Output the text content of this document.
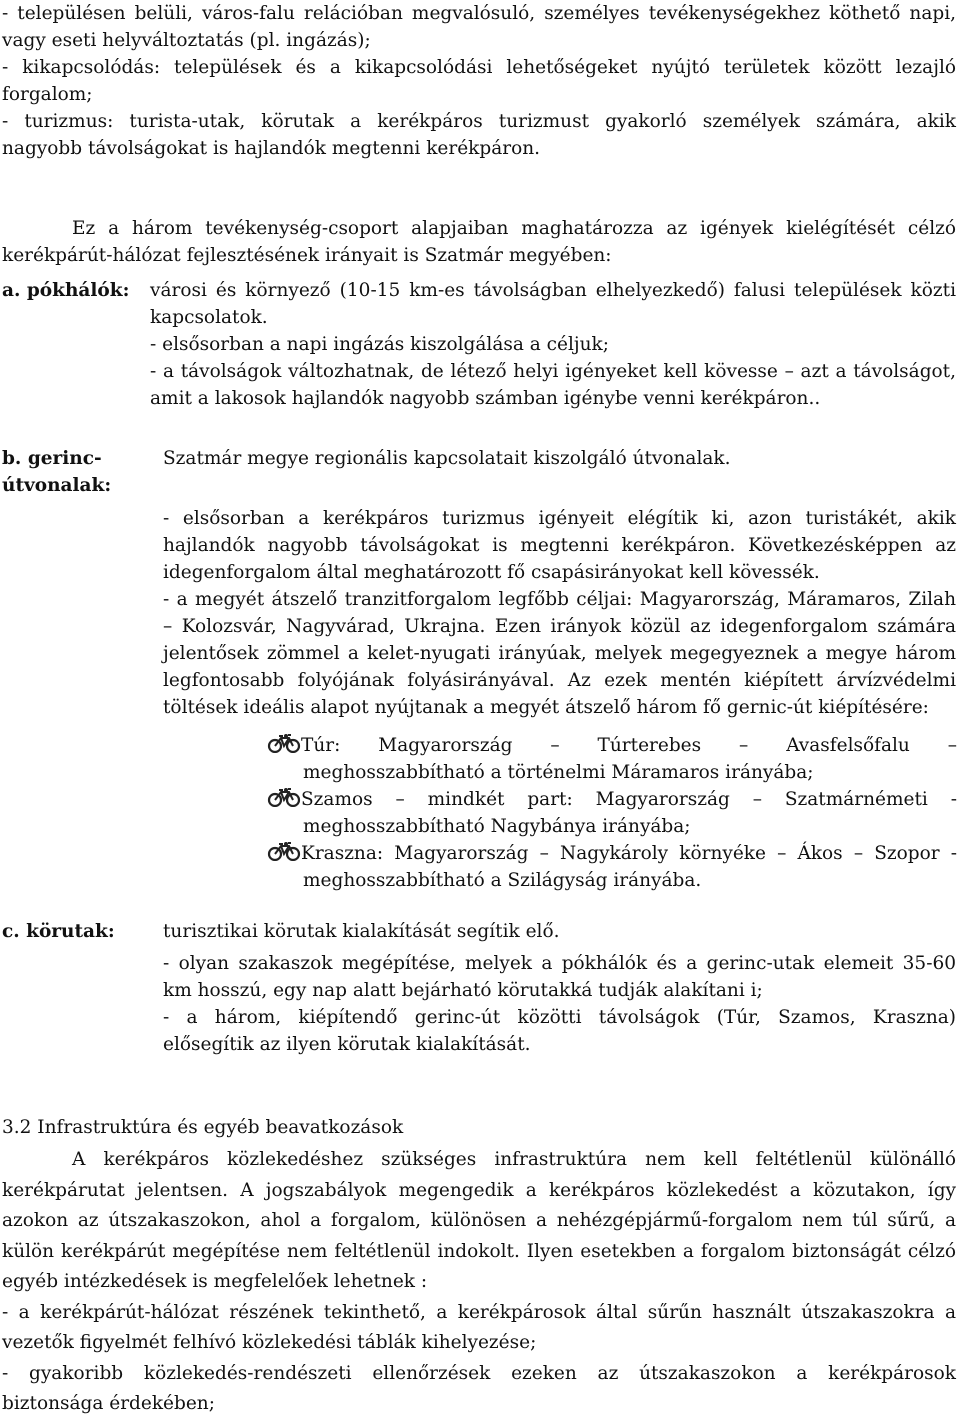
- településen belüli, város-falu relációban megvalósuló, személyes tevékenységekhez köthető napi,
vagy eseti helyváltoztatás (pl. ingázás);
- kikapcsolódás: települések és a kikapcsolódási lehetőségeket nyújtó területek között lezajló
forgalom;
- turizmus: turista-utak, körutak a kerékpáros turizmust gyakorló személyek számára, akik
nagyobb távolságokat is hajlandók megtenni kerékpáron.
Ez a három tevékenység-csoport alapjaiban maghatározza az igények kielégítését célzó
kerékpárút-hálózat fejlesztésének irányait is Szatmár megyében:
a. pókhálók: városi és környező (10-15 km-es távolságban elhelyezkedő) falusi települések közti
kapcsolatok.
- elsősorban a napi ingázás kiszolgálása a céljuk;
- a távolságok változhatnak, de létező helyi igényeket kell kövesse – azt a távolságot,
amit a lakosok hajlandók nagyobb számban igénybe venni kerékpáron..
b. gerinc-
útvonalak:
Szatmár megye regionális kapcsolatait kiszolgáló útvonalak.
- elsősorban a kerékpáros turizmus igényeit elégítik ki, azon turistákét, akik
hajlandók nagyobb távolságokat is megtenni kerékpáron. Következésképpen az
idegenforgalom által meghatározott fő csapásirányokat kell kövessék.
- a megyét átszelő tranzitforgalom legfőbb céljai: Magyarország, Máramaros, Zilah
– Kolozsvár, Nagyvárad, Ukrajna. Ezen irányok közül az idegenforgalom számára
jelentősek zömmel a kelet-nyugati irányúak, melyek megegyeznek a megye három
legfontosabb folyójának folyásirányával. Az ezek mentén kiépített árvízvédelmi
töltések ideális alapot nyújtanak a megyét átszelő három fő gernic-út kiépítésére:
Túr: Magyarország – Túrterebes – Avasfelsőfalu –
meghosszabbítható a történelmi Máramaros irányába;
Szamos – mindkét part: Magyarország – Szatmárnémeti -
meghosszabbítható Nagybánya irányába;
Kraszna: Magyarország – Nagykároly környéke – Ákos – Szopor -
meghosszabbítható a Szilágyság irányába.
c. körutak:	turisztikai körutak kialakítását segítik elő.
- olyan szakaszok megépítése, melyek a pókhálók és a gerinc-utak elemeit 35-60
km hosszú, egy nap alatt bejárható körutakká tudják alakítani i;
- a három, kiépítendő gerinc-út közötti távolságok (Túr, Szamos, Kraszna)
elősegítik az ilyen körutak kialakítását.
3.2 Infrastruktúra és egyéb beavatkozások
A kerékpáros közlekedéshez szükséges infrastruktúra nem kell feltétlenül különálló
kerékpárutat jelentsen. A jogszabályok megengedik a kerékpáros közlekedést a közutakon, így
azokon az útszakaszokon, ahol a forgalom, különösen a nehézgépjármű-forgalom nem túl sűrű, a
külön kerékpárút megépítése nem feltétlenül indokolt. Ilyen esetekben a forgalom biztonságát célzó
egyéb intézkedések is megfelelőek lehetnek :
- a kerékpárút-hálózat részének tekinthető, a kerékpárosok által sűrűn használt útszakaszokra a
vezetők figyelmét felhívó közlekedési táblák kihelyezése;
- gyakoribb közlekedés-rendészeti ellenőrzések ezeken az útszakaszokon a kerékpárosok
biztonsága érdekében;
